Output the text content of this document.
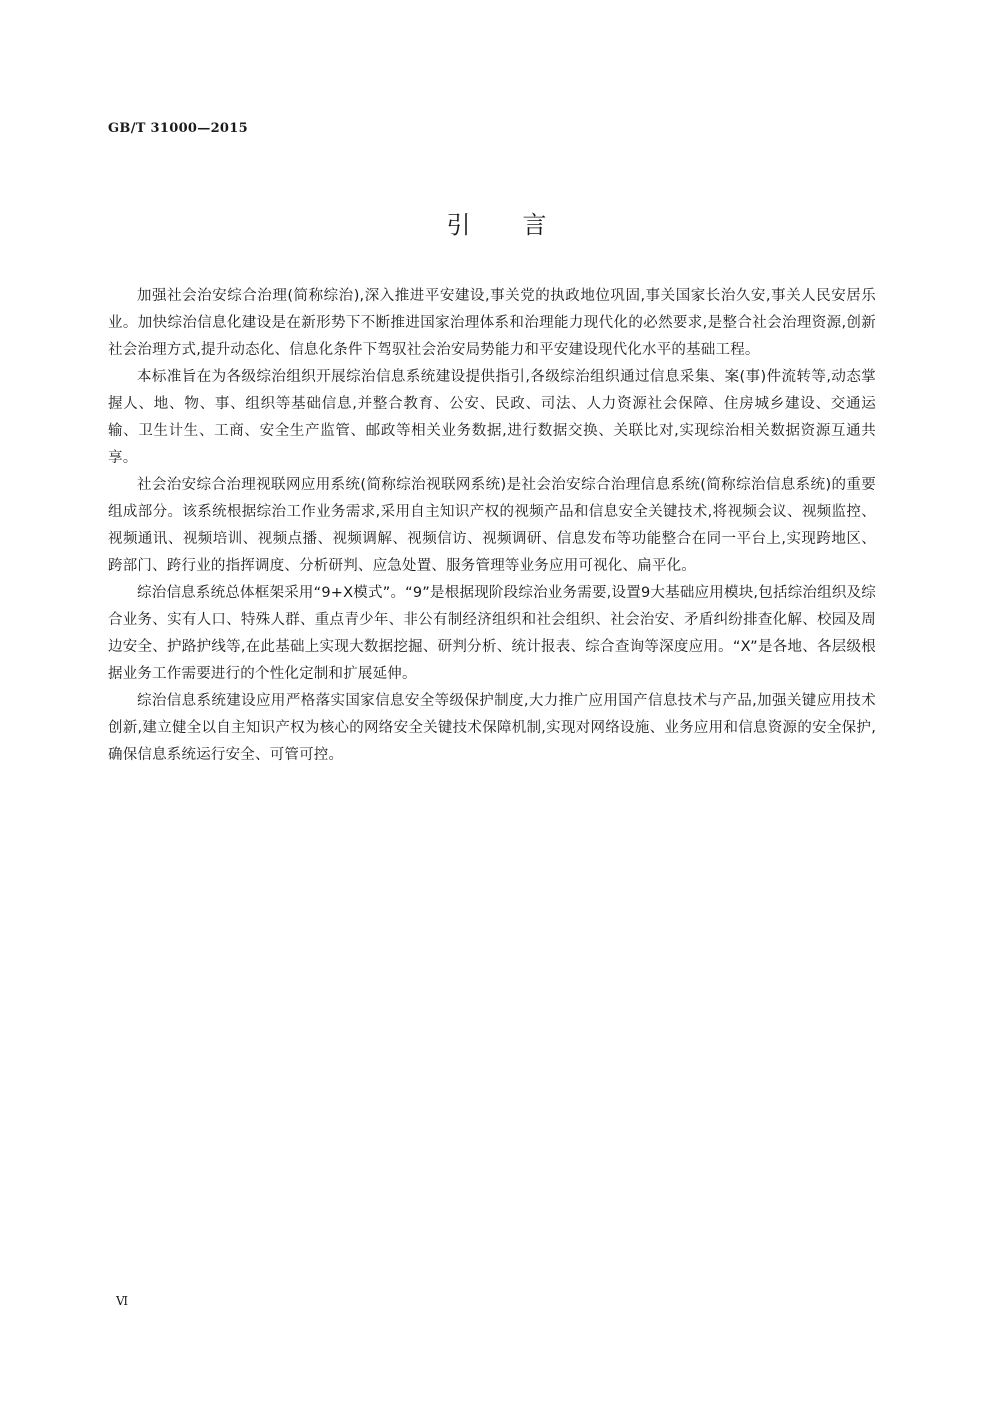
GB/T 31000—2015
引言

加强社会治安综合治理(简称综治),深入推进平安建设,事关党的执政地位巩固,事关国家长治久安,事关人民安居乐业。加快综治信息化建设是在新形势下不断推进国家治理体系和治理能力现代化的必然要求,是整合社会治理资源,创新社会治理方式,提升动态化、信息化条件下驾驭社会治安局势能力和平安建设现代化水平的基础工程。

本标准旨在为各级综治组织开展综治信息系统建设提供指引,各级综治组织通过信息采集、案(事)件流转等,动态掌握人、地、物、事、组织等基础信息,并整合教育、公安、民政、司法、人力资源社会保障、住房城乡建设、交通运输、卫生计生、工商、安全生产监管、邮政等相关业务数据,进行数据交换、关联比对,实现综治相关数据资源互通共享。

社会治安综合治理视联网应用系统(简称综治视联网系统)是社会治安综合治理信息系统(简称综治信息系统)的重要组成部分。该系统根据综治工作业务需求,采用自主知识产权的视频产品和信息安全关键技术,将视频会议、视频监控、视频通讯、视频培训、视频点播、视频调解、视频信访、视频调研、信息发布等功能整合在同一平台上,实现跨地区、跨部门、跨行业的指挥调度、分析研判、应急处置、服务管理等业务应用可视化、扁平化。

综治信息系统总体框架采用“9+X模式”。“9”是根据现阶段综治业务需要,设置9大基础应用模块,包括综治组织及综合业务、实有人口、特殊人群、重点青少年、非公有制经济组织和社会组织、社会治安、矛盾纠纷排查化解、校园及周边安全、护路护线等,在此基础上实现大数据挖掘、研判分析、统计报表、综合查询等深度应用。“X”是各地、各层级根据业务工作需要进行的个性化定制和扩展延伸。

综治信息系统建设应用严格落实国家信息安全等级保护制度,大力推广应用国产信息技术与产品,加强关键应用技术创新,建立健全以自主知识产权为核心的网络安全关键技术保障机制,实现对网络设施、业务应用和信息资源的安全保护,确保信息系统运行安全、可管可控。

Ⅵ
